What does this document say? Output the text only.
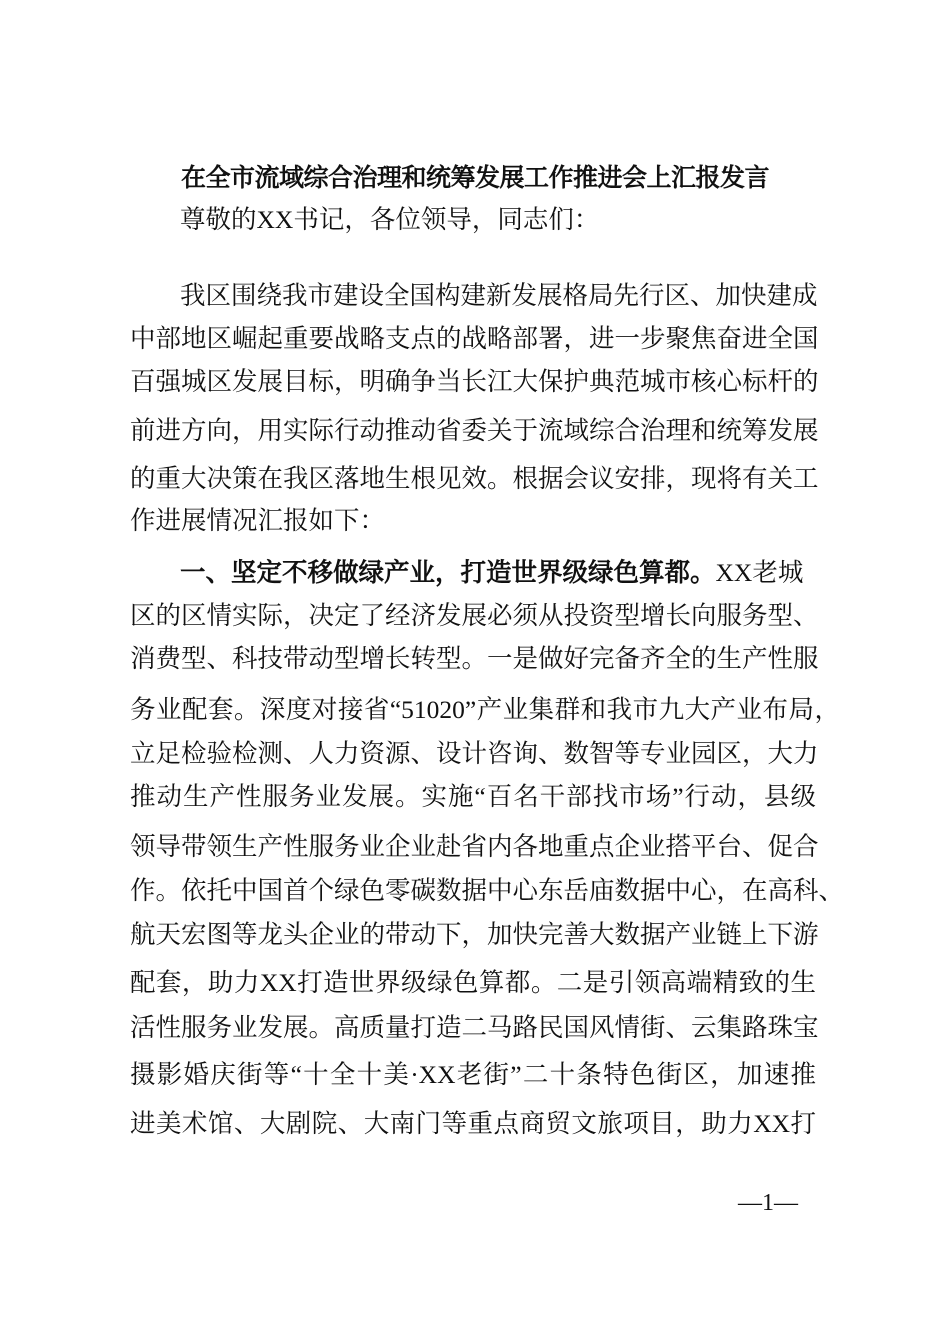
在全市流域综合治理和统筹发展工作推进会上汇报发言
尊敬的XX书记，各位领导，同志们：
我区围绕我市建设全国构建新发展格局先行区、加快建成
中部地区崛起重要战略支点的战略部署，进一步聚焦奋进全国
百强城区发展目标，明确争当长江大保护典范城市核心标杆的
前进方向，用实际行动推动省委关于流域综合治理和统筹发展
的重大决策在我区落地生根见效。根据会议安排，现将有关工
作进展情况汇报如下：
一、坚定不移做绿产业，打造世界级绿色算都。XX老城
区的区情实际，决定了经济发展必须从投资型增长向服务型、
消费型、科技带动型增长转型。一是做好完备齐全的生产性服
务业配套。深度对接省“51020”产业集群和我市九大产业布局，
立足检验检测、人力资源、设计咨询、数智等专业园区，大力
推动生产性服务业发展。实施“百名干部找市场”行动，县级
领导带领生产性服务业企业赴省内各地重点企业搭平台、促合
作。依托中国首个绿色零碳数据中心东岳庙数据中心，在高科、
航天宏图等龙头企业的带动下，加快完善大数据产业链上下游
配套，助力XX打造世界级绿色算都。二是引领高端精致的生
活性服务业发展。高质量打造二马路民国风情街、云集路珠宝
摄影婚庆街等“十全十美·XX老街”二十条特色街区，加速推
进美术馆、大剧院、大南门等重点商贸文旅项目，助力XX打
—1—
